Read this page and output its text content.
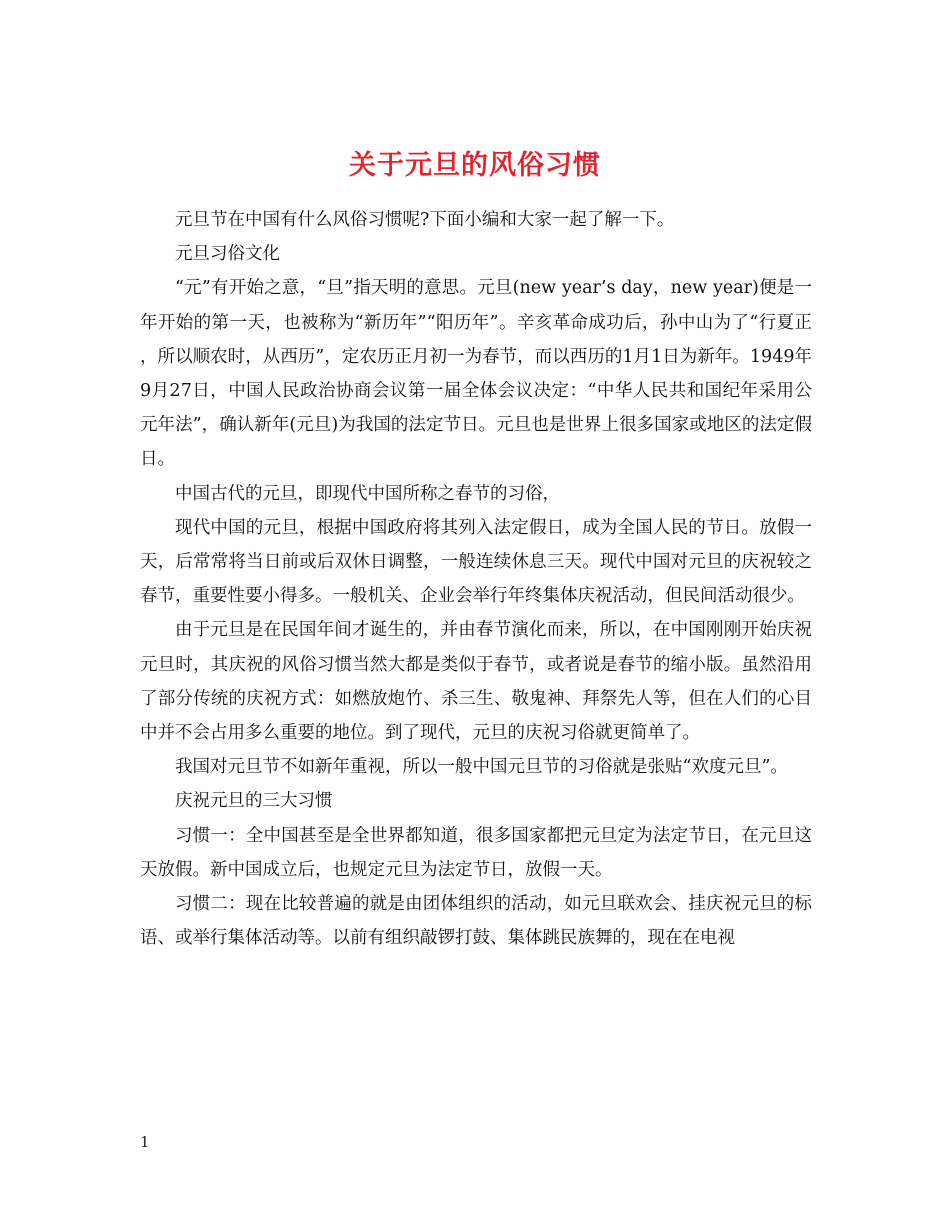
关于元旦的风俗习惯

元旦节在中国有什么风俗习惯呢?下面小编和大家一起了解一下。

元旦习俗文化

“元”有开始之意，“旦”指天明的意思。元旦(new year’s day，new year)便是一年开始的第一天，也被称为“新历年”“阳历年”。辛亥革命成功后，孙中山为了“行夏正，所以顺农时，从西历”，定农历正月初一为春节，而以西历的1月1日为新年。1949年9月27日，中国人民政治协商会议第一届全体会议决定：“中华人民共和国纪年采用公元年法”，确认新年(元旦)为我国的法定节日。元旦也是世界上很多国家或地区的法定假日。

中国古代的元旦，即现代中国所称之春节的习俗，

现代中国的元旦，根据中国政府将其列入法定假日，成为全国人民的节日。放假一天，后常常将当日前或后双休日调整，一般连续休息三天。现代中国对元旦的庆祝较之春节，重要性要小得多。一般机关、企业会举行年终集体庆祝活动，但民间活动很少。

由于元旦是在民国年间才诞生的，并由春节演化而来，所以，在中国刚刚开始庆祝元旦时，其庆祝的风俗习惯当然大都是类似于春节，或者说是春节的缩小版。虽然沿用了部分传统的庆祝方式：如燃放炮竹、杀三生、敬鬼神、拜祭先人等，但在人们的心目中并不会占用多么重要的地位。到了现代，元旦的庆祝习俗就更简单了。

我国对元旦节不如新年重视，所以一般中国元旦节的习俗就是张贴“欢度元旦”。

庆祝元旦的三大习惯

习惯一：全中国甚至是全世界都知道，很多国家都把元旦定为法定节日，在元旦这天放假。新中国成立后，也规定元旦为法定节日，放假一天。

习惯二：现在比较普遍的就是由团体组织的活动，如元旦联欢会、挂庆祝元旦的标语、或举行集体活动等。以前有组织敲锣打鼓、集体跳民族舞的，现在在电视

1
